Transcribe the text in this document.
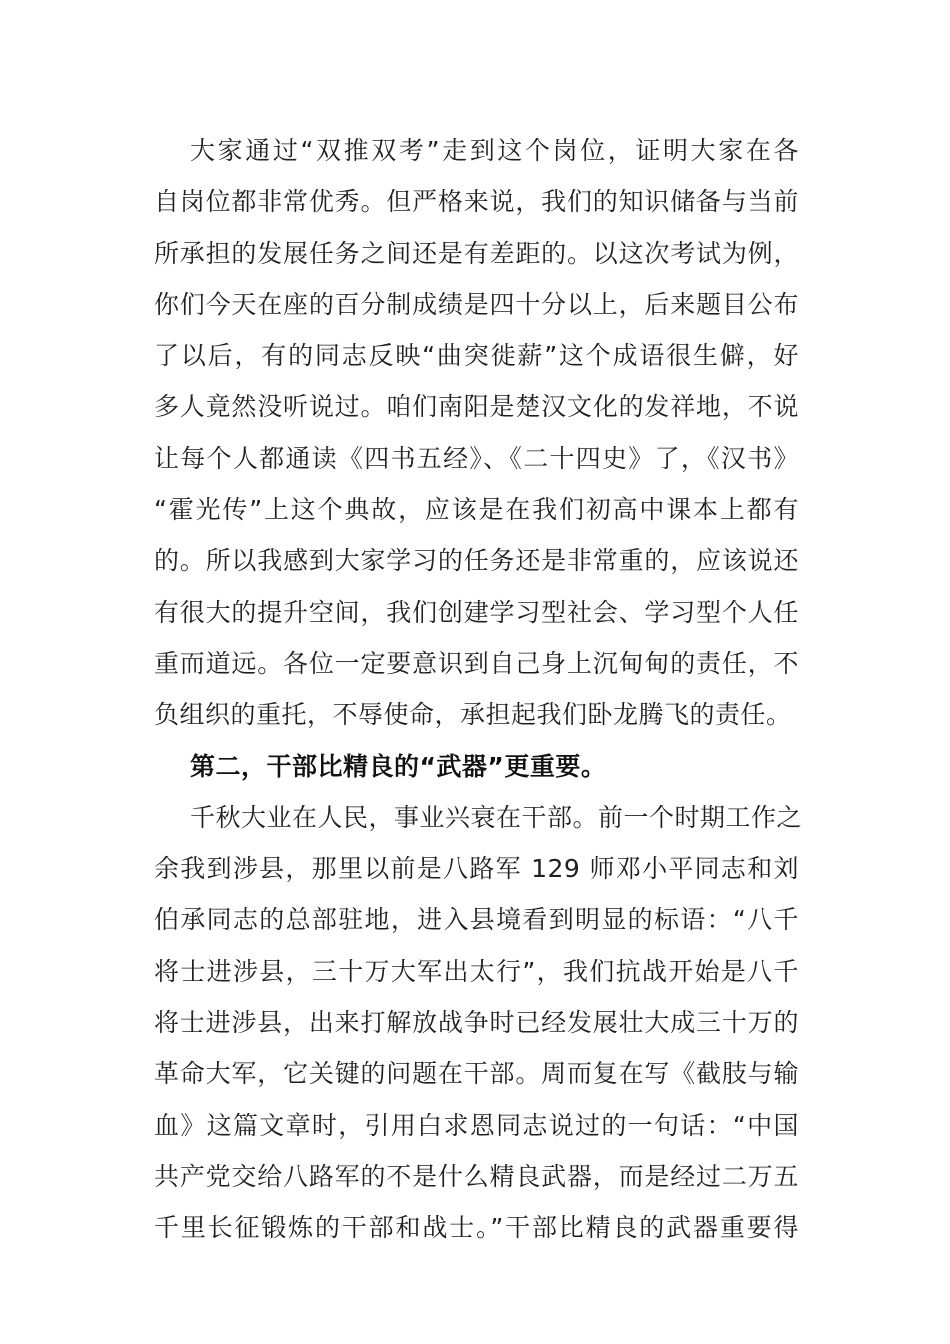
大家通过“双推双考”走到这个岗位，证明大家在各
自岗位都非常优秀。但严格来说，我们的知识储备与当前
所承担的发展任务之间还是有差距的。以这次考试为例，
你们今天在座的百分制成绩是四十分以上，后来题目公布
了以后，有的同志反映“曲突徙薪”这个成语很生僻，好
多人竟然没听说过。咱们南阳是楚汉文化的发祥地，不说
让每个人都通读《四书五经》、《二十四史》了，《汉书》
“霍光传”上这个典故，应该是在我们初高中课本上都有
的。所以我感到大家学习的任务还是非常重的，应该说还
有很大的提升空间，我们创建学习型社会、学习型个人任
重而道远。各位一定要意识到自己身上沉甸甸的责任，不
负组织的重托，不辱使命，承担起我们卧龙腾飞的责任。
第二，干部比精良的“武器”更重要。
千秋大业在人民，事业兴衰在干部。前一个时期工作之
余我到涉县，那里以前是八路军 129 师邓小平同志和刘
伯承同志的总部驻地，进入县境看到明显的标语：“八千
将士进涉县，三十万大军出太行”，我们抗战开始是八千
将士进涉县，出来打解放战争时已经发展壮大成三十万的
革命大军，它关键的问题在干部。周而复在写《截肢与输
血》这篇文章时，引用白求恩同志说过的一句话：“中国
共产党交给八路军的不是什么精良武器，而是经过二万五
千里长征锻炼的干部和战士。”干部比精良的武器重要得
